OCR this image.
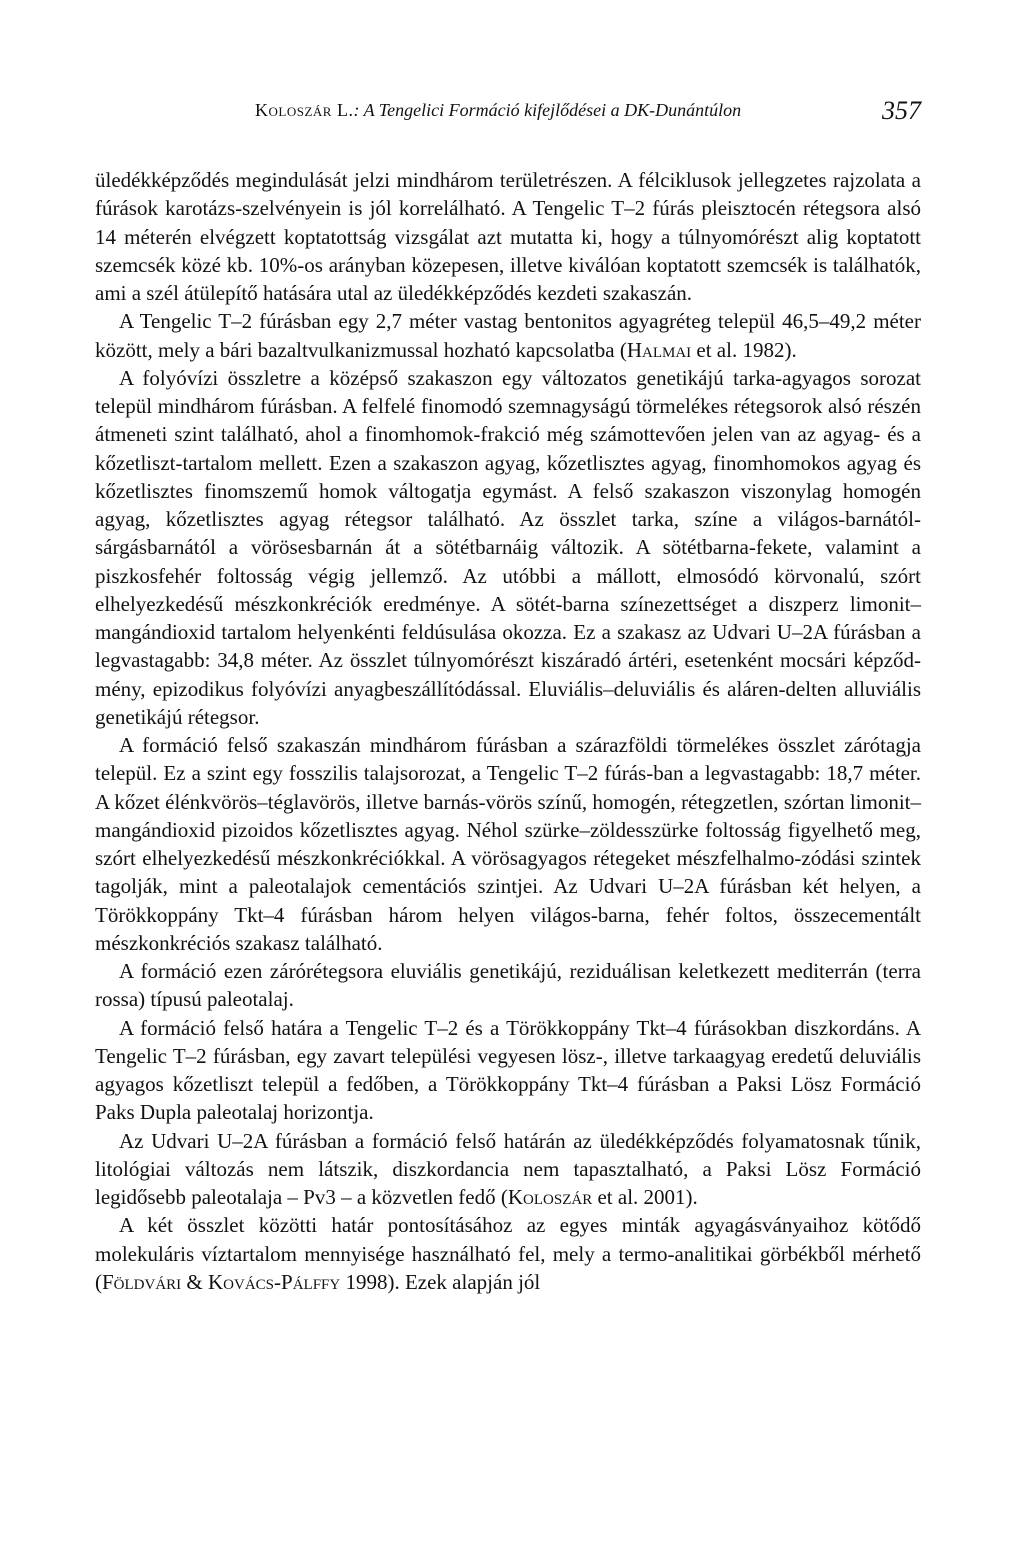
Koloszár L.: A Tengelici Formáció kifejlődései a DK-Dunántúlon	357

üledékképződés megindulását jelzi mindhárom területrészen. A félciklusok jellegzetes rajzolata a fúrások karotázs-szelvényein is jól korrelálható. A Tengelic T–2 fúrás pleisztocén rétegsora alsó 14 méterén elvégzett koptatottság vizsgálat azt mutatta ki, hogy a túlnyomórészt alig koptatott szemcsék közé kb. 10%-os arányban közepesen, illetve kiválóan koptatott szemcsék is találhatók, ami a szél átülepítő hatására utal az üledékképződés kezdeti szakaszán.

A Tengelic T–2 fúrásban egy 2,7 méter vastag bentonitos agyagréteg települ 46,5–49,2 méter között, mely a bári bazaltvulkanizmussal hozható kapcsolatba (Halmai et al. 1982).

A folyóvízi összletre a középső szakaszon egy változatos genetikájú tarka-agyagos sorozat települ mindhárom fúrásban. A felfelé finomodó szemnagyságú törmelékes rétegsorok alsó részén átmeneti szint található, ahol a finomhomok-frakció még számottevően jelen van az agyag- és a kőzetliszt-tartalom mellett. Ezen a szakaszon agyag, kőzetlisztes agyag, finomhomokos agyag és kőzetlisztes finomszemű homok váltogatja egymást. A felső szakaszon viszonylag homogén agyag, kőzetlisztes agyag rétegsor található. Az összlet tarka, színe a világos-barnától-sárgásbarnától a vörösesbarnán át a sötétbarnáig változik. A sötétbarna-fekete, valamint a piszkosfehér foltosság végig jellemző. Az utóbbi a mállott, elmosódó körvonalú, szórt elhelyezkedésű mészkonkréciók eredménye. A sötét-barna színezettséget a diszperz limonit–mangándioxid tartalom helyenkénti feldúsulása okozza. Ez a szakasz az Udvari U–2A fúrásban a legvastagabb: 34,8 méter. Az összlet túlnyomórészt kiszáradó ártéri, esetenként mocsári képződ-mény, epizodikus folyóvízi anyagbeszállítódással. Eluviális–deluviális és aláren-delten alluviális genetikájú rétegsor.

A formáció felső szakaszán mindhárom fúrásban a szárazföldi törmelékes összlet zárótagja települ. Ez a szint egy fosszilis talajsorozat, a Tengelic T–2 fúrás-ban a legvastagabb: 18,7 méter. A kőzet élénkvörös–téglavörös, illetve barnás-vörös színű, homogén, rétegzetlen, szórtan limonit–mangándioxid pizoidos kőzetlisztes agyag. Néhol szürke–zöldesszürke foltosság figyelhető meg, szórt elhelyezkedésű mészkonkréciókkal. A vörösagyagos rétegeket mészfelhalmo-zódási szintek tagolják, mint a paleotalajok cementációs szintjei. Az Udvari U–2A fúrásban két helyen, a Törökkoppány Tkt–4 fúrásban három helyen világos-barna, fehér foltos, összecementált mészkonkréciós szakasz található.

A formáció ezen zárórétegsora eluviális genetikájú, reziduálisan keletkezett mediterrán (terra rossa) típusú paleotalaj.

A formáció felső határa a Tengelic T–2 és a Törökkoppány Tkt–4 fúrásokban diszkordáns. A Tengelic T–2 fúrásban, egy zavart települési vegyesen lösz-, illetve tarkaagyag eredetű deluviális agyagos kőzetliszt települ a fedőben, a Törökkoppány Tkt–4 fúrásban a Paksi Lösz Formáció Paks Dupla paleotalaj horizontja.

Az Udvari U–2A fúrásban a formáció felső határán az üledékképződés folyamatosnak tűnik, litológiai változás nem látszik, diszkordancia nem tapasztalható, a Paksi Lösz Formáció legidősebb paleotalaja – Pv3 – a közvetlen fedő (Koloszár et al. 2001).

A két összlet közötti határ pontosításához az egyes minták agyagásványaihoz kötődő molekuláris víztartalom mennyisége használható fel, mely a termo-analitikai görbékből mérhető (Földvári & Kovács-Pálffy 1998). Ezek alapján jól
